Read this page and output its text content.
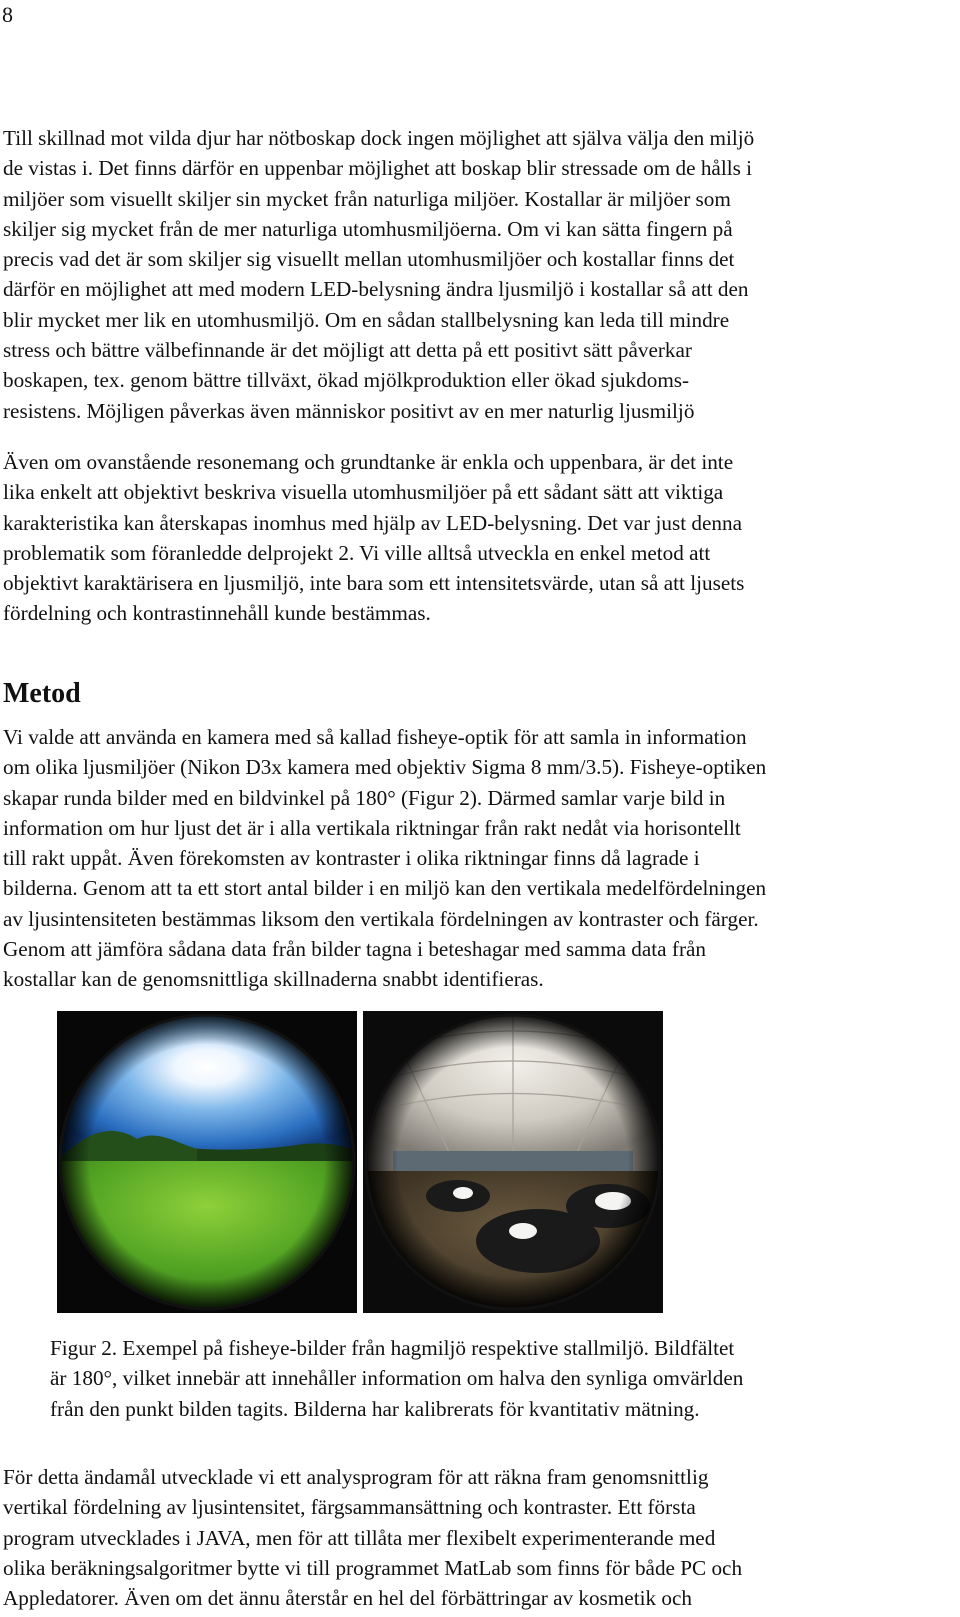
8

Till skillnad mot vilda djur har nötboskap dock ingen möjlighet att själva välja den miljö
de vistas i. Det finns därför en uppenbar möjlighet att boskap blir stressade om de hålls i
miljöer som visuellt skiljer sin mycket från naturliga miljöer. Kostallar är miljöer som
skiljer sig mycket från de mer naturliga utomhusmiljöerna. Om vi kan sätta fingern på
precis vad det är som skiljer sig visuellt mellan utomhusmiljöer och kostallar finns det
därför en möjlighet att med modern LED-belysning ändra ljusmiljö i kostallar så att den
blir mycket mer lik en utomhusmiljö. Om en sådan stallbelysning kan leda till mindre
stress och bättre välbefinnande är det möjligt att detta på ett positivt sätt påverkar
boskapen, tex. genom bättre tillväxt, ökad mjölkproduktion eller ökad sjukdoms-
resistens. Möjligen påverkas även människor positivt av en mer naturlig ljusmiljö

Även om ovanstående resonemang och grundtanke är enkla och uppenbara, är det inte
lika enkelt att objektivt beskriva visuella utomhusmiljöer på ett sådant sätt att viktiga
karakteristika kan återskapas inomhus med hjälp av LED-belysning. Det var just denna
problematik som föranledde delprojekt 2. Vi ville alltså utveckla en enkel metod att
objektivt karaktärisera en ljusmiljö, inte bara som ett intensitetsvärde, utan så att ljusets
fördelning och kontrastinnehåll kunde bestämmas.

Metod

Vi valde att använda en kamera med så kallad fisheye-optik för att samla in information
om olika ljusmiljöer (Nikon D3x kamera med objektiv Sigma 8 mm/3.5). Fisheye-optiken
skapar runda bilder med en bildvinkel på 180° (Figur 2). Därmed samlar varje bild in
information om hur ljust det är i alla vertikala riktningar från rakt nedåt via horisontellt
till rakt uppåt. Även förekomsten av kontraster i olika riktningar finns då lagrade i
bilderna. Genom att ta ett stort antal bilder i en miljö kan den vertikala medelfördelningen
av ljusintensiteten bestämmas liksom den vertikala fördelningen av kontraster och färger.
Genom att jämföra sådana data från bilder tagna i beteshagar med samma data från
kostallar kan de genomsnittliga skillnaderna snabbt identifieras.

Figur 2. Exempel på fisheye-bilder från hagmiljö respektive stallmiljö. Bildfältet
är 180°, vilket innebär att innehåller information om halva den synliga omvärlden
från den punkt bilden tagits. Bilderna har kalibrerats för kvantitativ mätning.

För detta ändamål utvecklade vi ett analysprogram för att räkna fram genomsnittlig
vertikal fördelning av ljusintensitet, färgsammansättning och kontraster. Ett första
program utvecklades i JAVA, men för att tillåta mer flexibelt experimenterande med
olika beräkningsalgoritmer bytte vi till programmet MatLab som finns för både PC och
Appledatorer. Även om det ännu återstår en hel del förbättringar av kosmetik och
